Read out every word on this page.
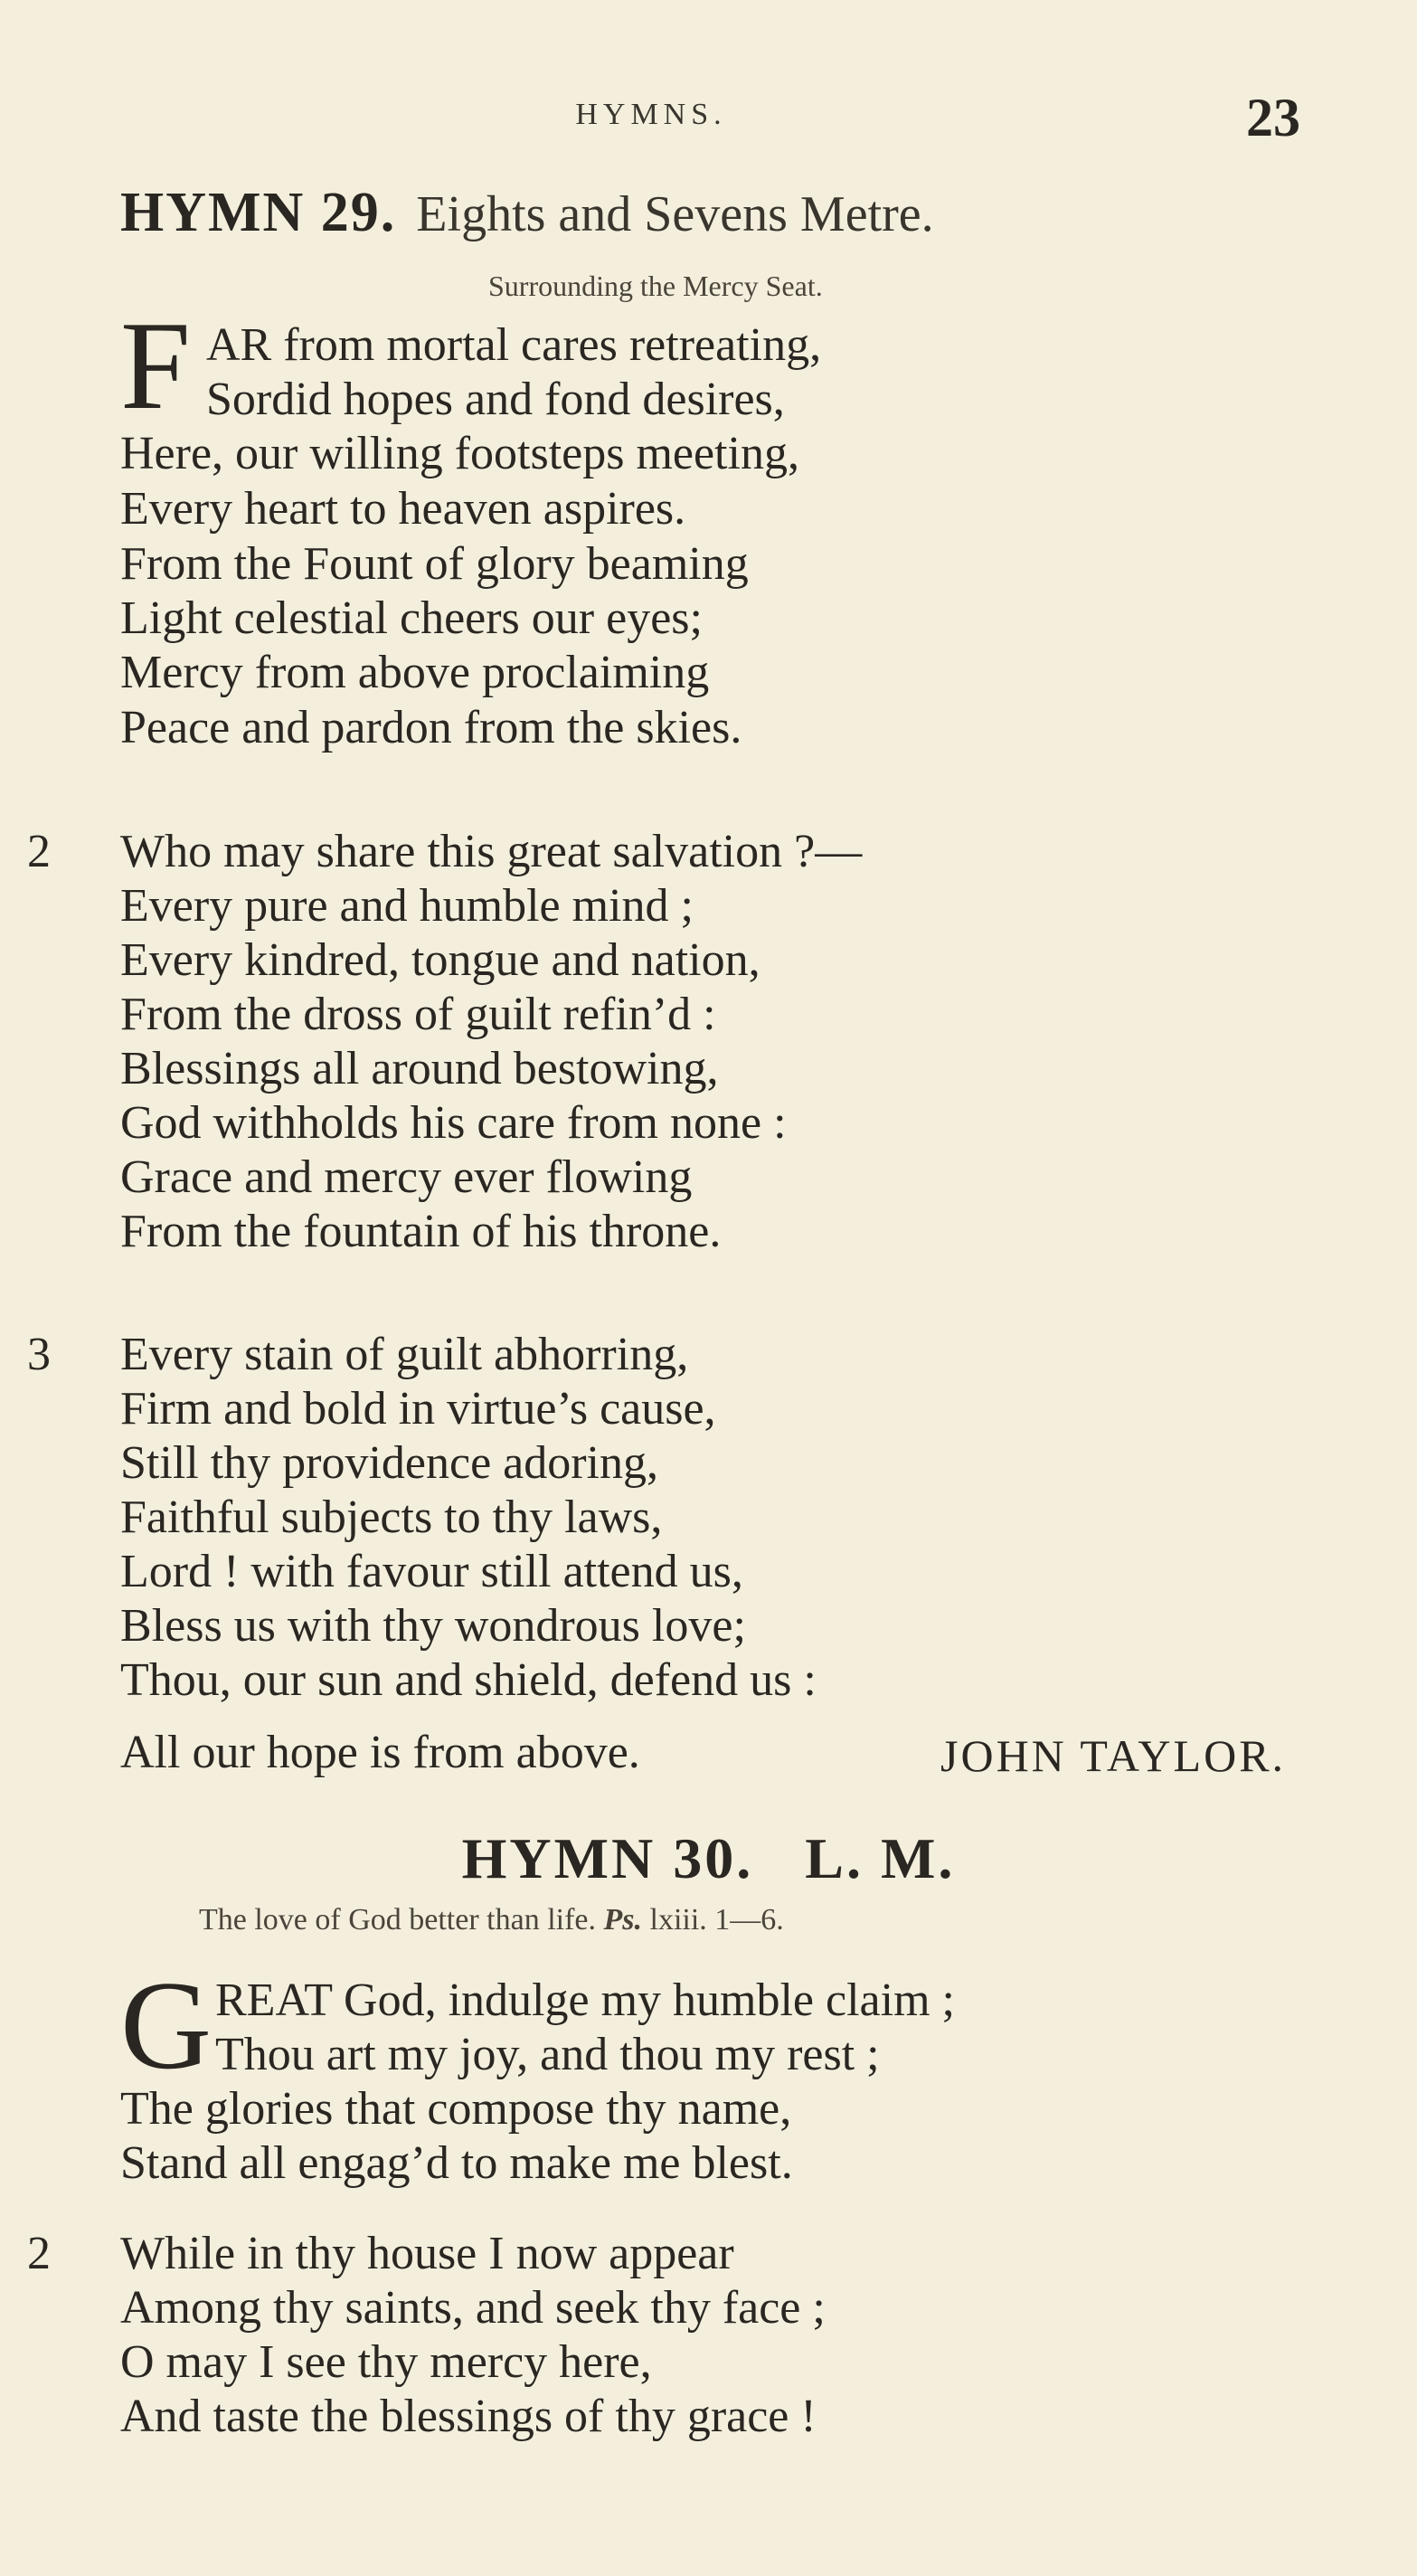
HYMNS.	23
HYMN 29. Eights and Sevens Metre.
Surrounding the Mercy Seat.
F AR from mortal cares retreating,
Sordid hopes and fond desires,
Here, our willing footsteps meeting,
Every heart to heaven aspires.
From the Fount of glory beaming
Light celestial cheers our eyes;
Mercy from above proclaiming
Peace and pardon from the skies.
2 Who may share this great salvation ?—
Every pure and humble mind ;
Every kindred, tongue and nation,
From the dross of guilt refin’d :
Blessings all around bestowing,
God withholds his care from none :
Grace and mercy ever flowing
From the fountain of his throne.
3 Every stain of guilt abhorring,
Firm and bold in virtue’s cause,
Still thy providence adoring,
Faithful subjects to thy laws,
Lord ! with favour still attend us,
Bless us with thy wondrous love;
Thou, our sun and shield, defend us :
All our hope is from above.	JOHN TAYLOR.
HYMN 30.   L. M.
The love of God better than life. Ps. lxiii. 1—6.
G REAT God, indulge my humble claim ;
Thou art my joy, and thou my rest ;
The glories that compose thy name,
Stand all engag’d to make me blest.
2 While in thy house I now appear
Among thy saints, and seek thy face ;
O may I see thy mercy here,
And taste the blessings of thy grace !
